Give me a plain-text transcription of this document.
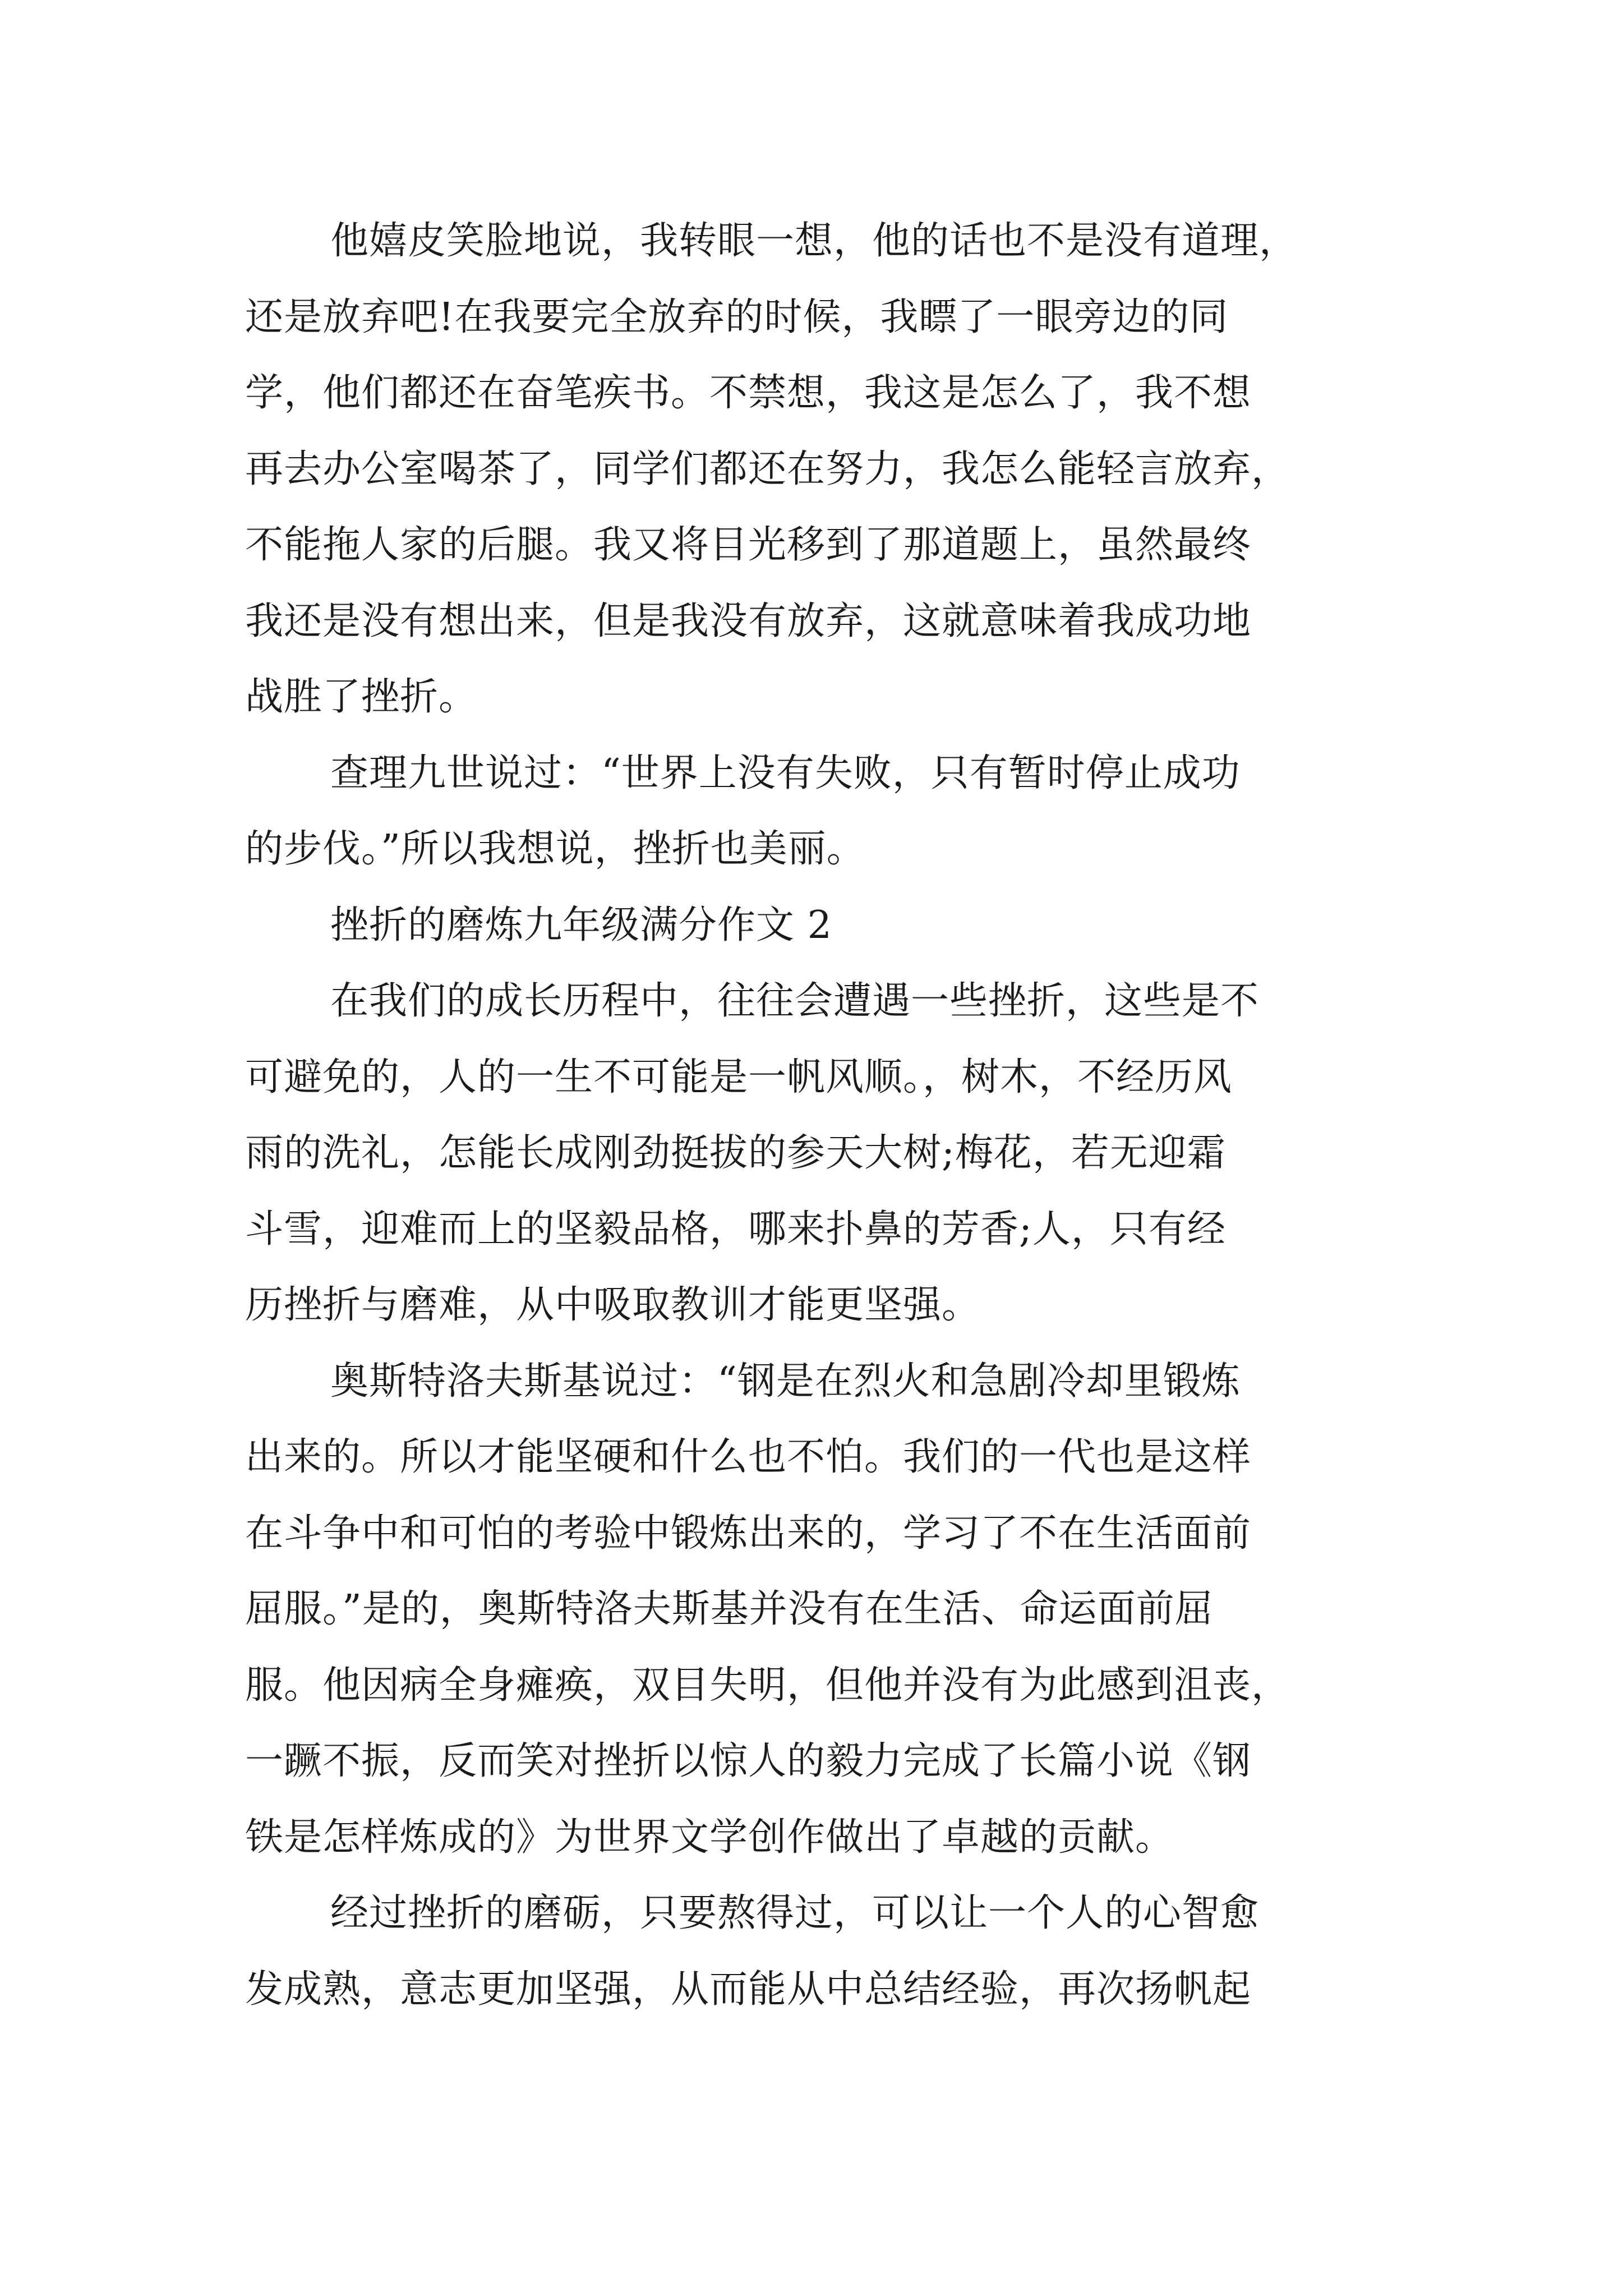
他嬉皮笑脸地说，我转眼一想，他的话也不是没有道理，
还是放弃吧!在我要完全放弃的时候，我瞟了一眼旁边的同
学，他们都还在奋笔疾书。不禁想，我这是怎么了，我不想
再去办公室喝茶了，同学们都还在努力，我怎么能轻言放弃，
不能拖人家的后腿。我又将目光移到了那道题上，虽然最终
我还是没有想出来，但是我没有放弃，这就意味着我成功地
战胜了挫折。
查理九世说过：“世界上没有失败，只有暂时停止成功
的步伐。”所以我想说，挫折也美丽。
挫折的磨炼九年级满分作文 2
在我们的成长历程中，往往会遭遇一些挫折，这些是不
可避免的，人的一生不可能是一帆风顺。，树木，不经历风
雨的洗礼，怎能长成刚劲挺拔的参天大树;梅花，若无迎霜
斗雪，迎难而上的坚毅品格，哪来扑鼻的芳香;人，只有经
历挫折与磨难，从中吸取教训才能更坚强。
奥斯特洛夫斯基说过：“钢是在烈火和急剧冷却里锻炼
出来的。所以才能坚硬和什么也不怕。我们的一代也是这样
在斗争中和可怕的考验中锻炼出来的，学习了不在生活面前
屈服。”是的，奥斯特洛夫斯基并没有在生活、命运面前屈
服。他因病全身瘫痪，双目失明，但他并没有为此感到沮丧，
一蹶不振，反而笑对挫折以惊人的毅力完成了长篇小说《钢
铁是怎样炼成的》为世界文学创作做出了卓越的贡献。
经过挫折的磨砺，只要熬得过，可以让一个人的心智愈
发成熟，意志更加坚强，从而能从中总结经验，再次扬帆起
